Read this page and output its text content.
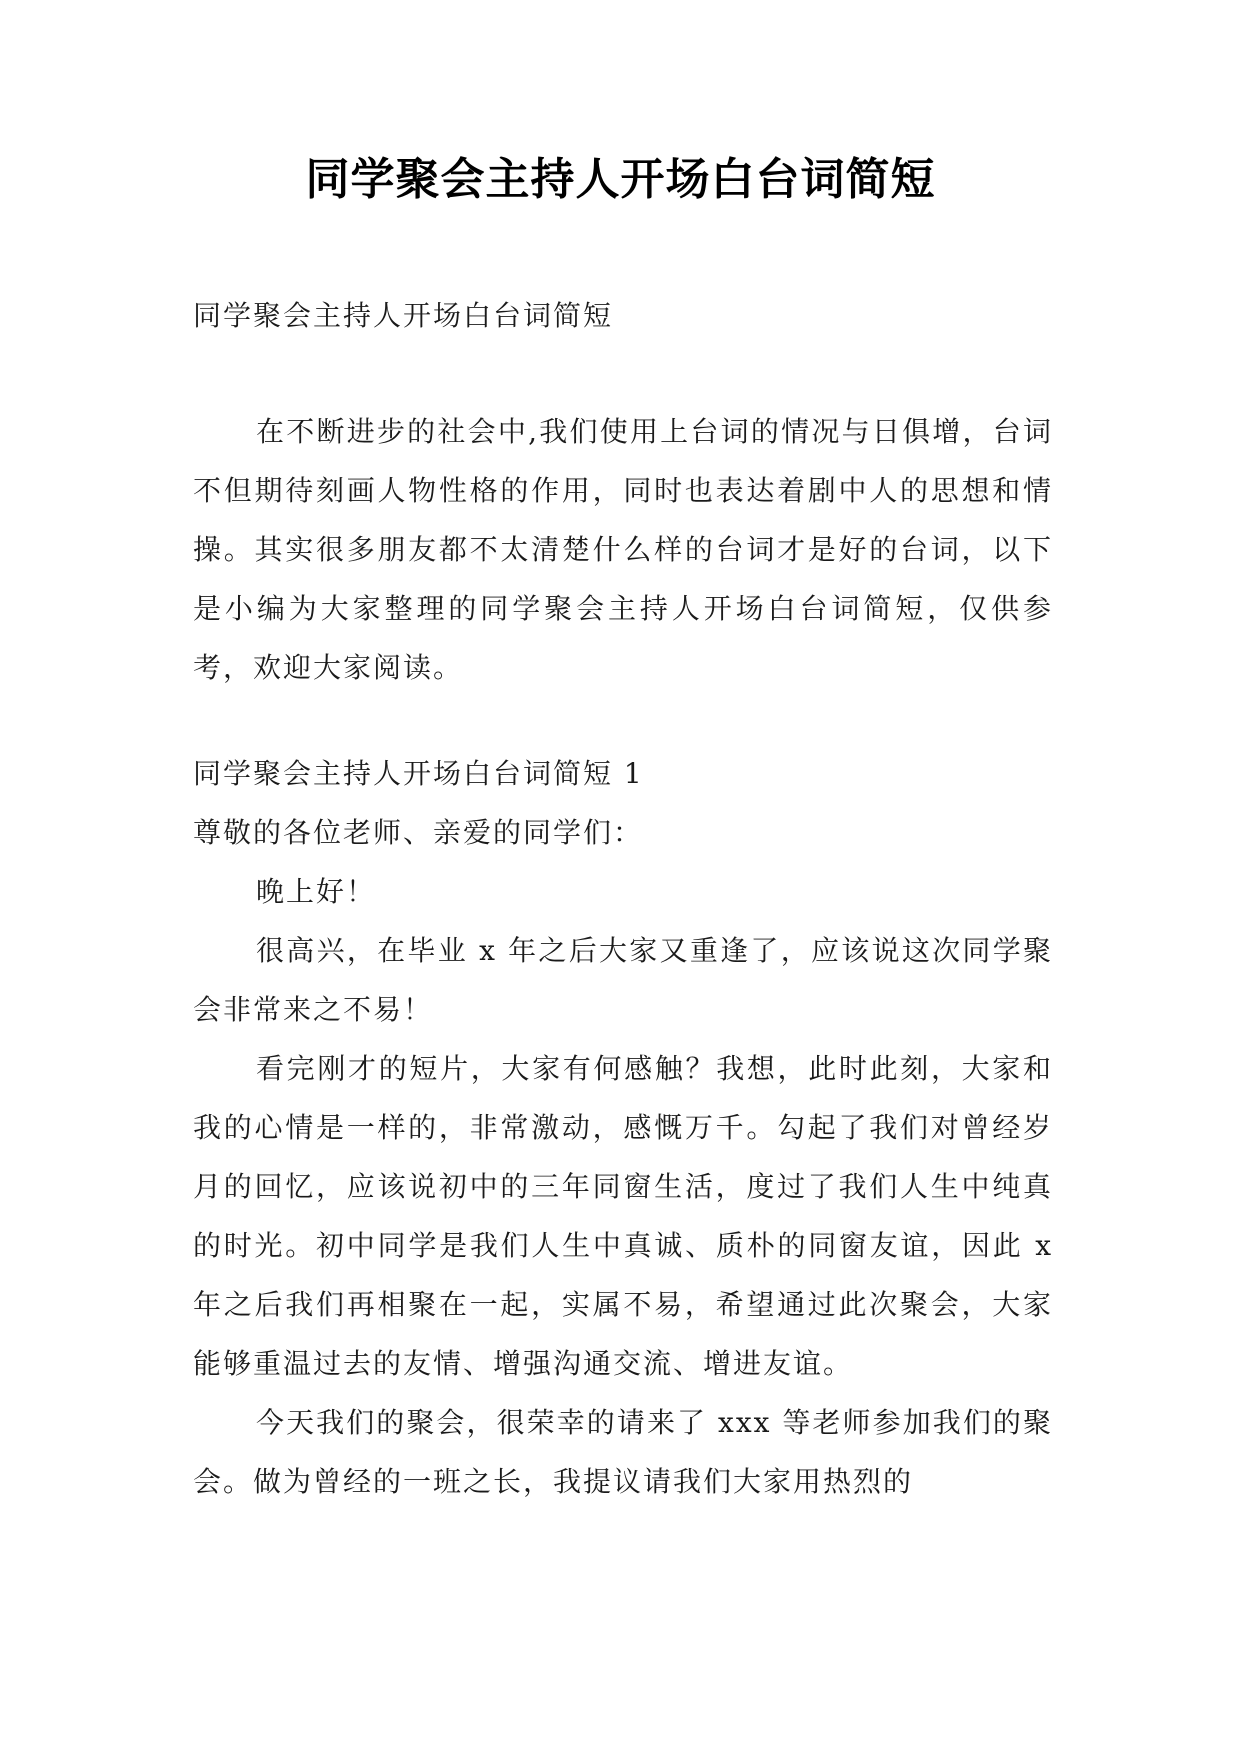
同学聚会主持人开场白台词简短
同学聚会主持人开场白台词简短

在不断进步的社会中,我们使用上台词的情况与日俱增，台词不但期待刻画人物性格的作用，同时也表达着剧中人的思想和情操。其实很多朋友都不太清楚什么样的台词才是好的台词，以下是小编为大家整理的同学聚会主持人开场白台词简短，仅供参考，欢迎大家阅读。

同学聚会主持人开场白台词简短 1

尊敬的各位老师、亲爱的同学们：

晚上好！

很高兴，在毕业 x 年之后大家又重逢了，应该说这次同学聚会非常来之不易！

看完刚才的短片，大家有何感触？我想，此时此刻，大家和我的心情是一样的，非常激动，感慨万千。勾起了我们对曾经岁月的回忆，应该说初中的三年同窗生活，度过了我们人生中纯真的时光。初中同学是我们人生中真诚、质朴的同窗友谊，因此 x 年之后我们再相聚在一起，实属不易，希望通过此次聚会，大家能够重温过去的友情、增强沟通交流、增进友谊。

今天我们的聚会，很荣幸的请来了 xxx 等老师参加我们的聚会。做为曾经的一班之长，我提议请我们大家用热烈的
